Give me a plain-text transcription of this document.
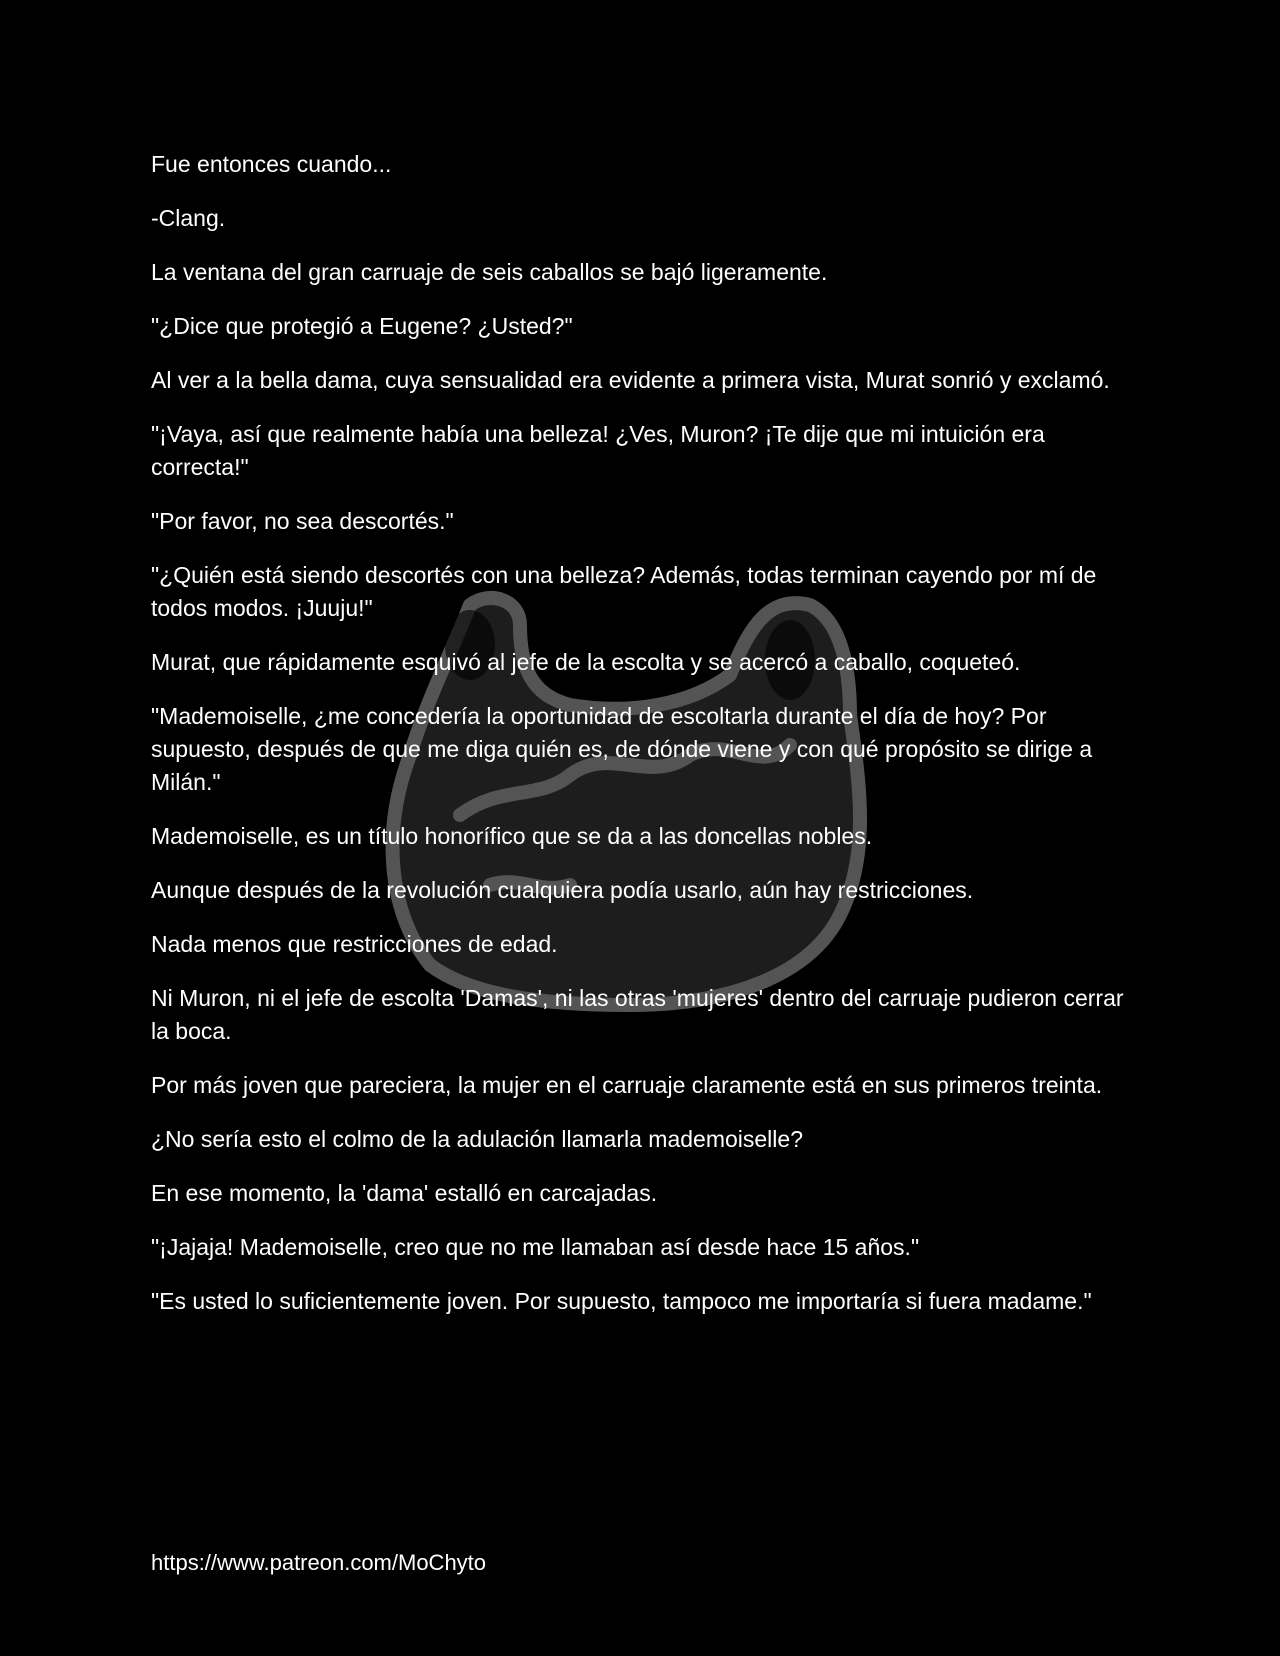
Fue entonces cuando...

-Clang.

La ventana del gran carruaje de seis caballos se bajó ligeramente.

"¿Dice que protegió a Eugene? ¿Usted?"

Al ver a la bella dama, cuya sensualidad era evidente a primera vista, Murat sonrió y exclamó.

"¡Vaya, así que realmente había una belleza! ¿Ves, Muron? ¡Te dije que mi intuición era correcta!"

"Por favor, no sea descortés."

"¿Quién está siendo descortés con una belleza? Además, todas terminan cayendo por mí de todos modos. ¡Juuju!"

Murat, que rápidamente esquivó al jefe de la escolta y se acercó a caballo, coqueteó.

"Mademoiselle, ¿me concedería la oportunidad de escoltarla durante el día de hoy? Por supuesto, después de que me diga quién es, de dónde viene y con qué propósito se dirige a Milán."

Mademoiselle, es un título honorífico que se da a las doncellas nobles.

Aunque después de la revolución cualquiera podía usarlo, aún hay restricciones.

Nada menos que restricciones de edad.

Ni Muron, ni el jefe de escolta 'Damas', ni las otras 'mujeres' dentro del carruaje pudieron cerrar la boca.

Por más joven que pareciera, la mujer en el carruaje claramente está en sus primeros treinta.

¿No sería esto el colmo de la adulación llamarla mademoiselle?

En ese momento, la 'dama' estalló en carcajadas.

"¡Jajaja! Mademoiselle, creo que no me llamaban así desde hace 15 años."

"Es usted lo suficientemente joven. Por supuesto, tampoco me importaría si fuera madame."

https://www.patreon.com/MoChyto
